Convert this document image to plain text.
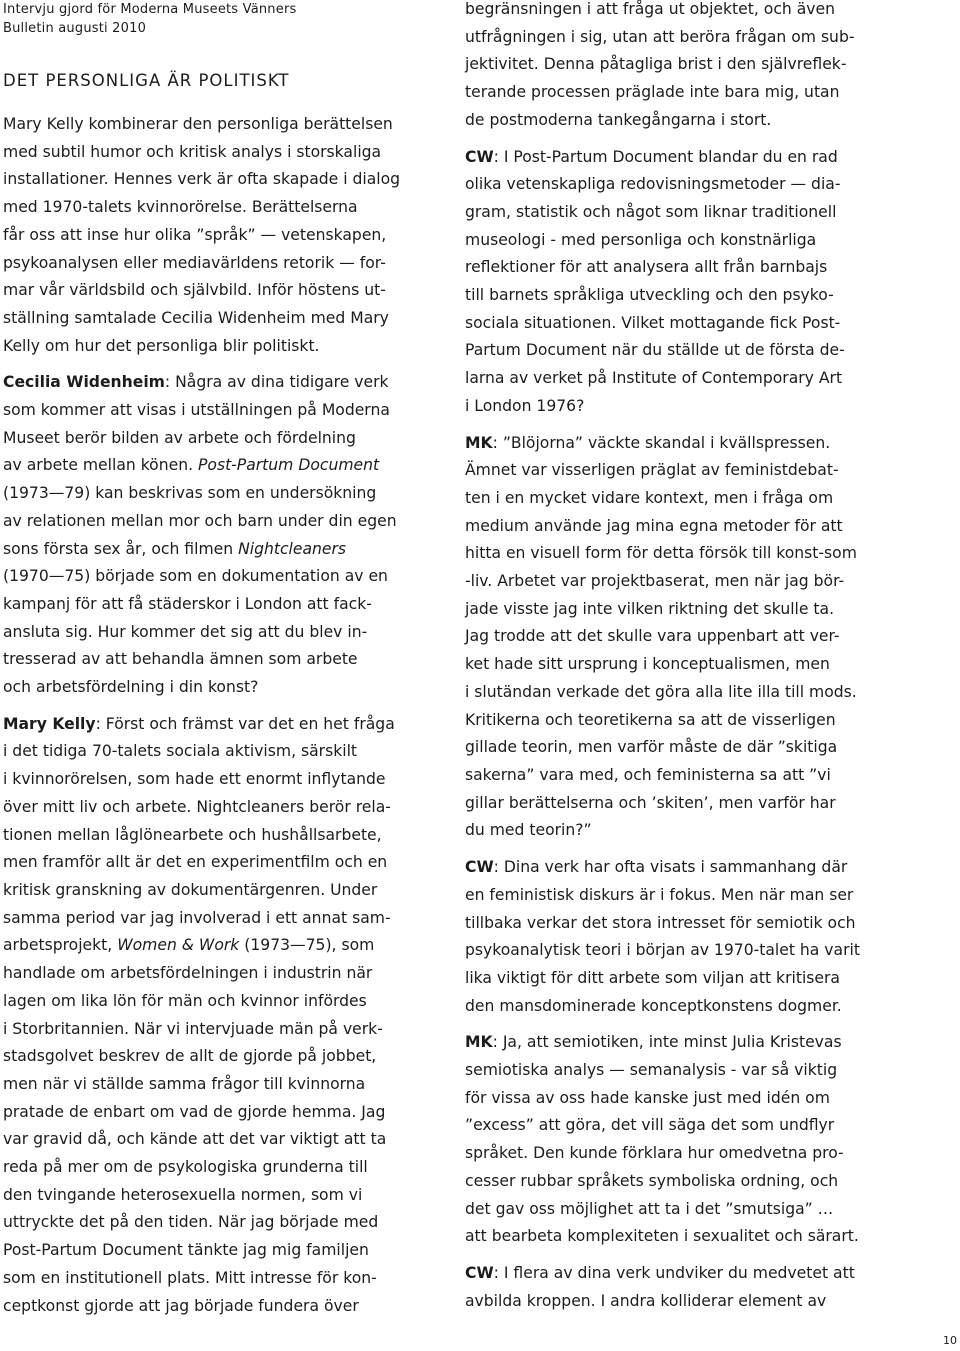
Intervju gjord för Moderna Museets Vänners
Bulletin augusti 2010
DET PERSONLIGA ÄR POLITISKT
Mary Kelly kombinerar den personliga berättelsen
med subtil humor och kritisk analys i storskaliga
installationer. Hennes verk är ofta skapade i dialog
med 1970-talets kvinnorörelse. Berättelserna
får oss att inse hur olika ”språk” — vetenskapen,
psykoanalysen eller mediavärldens retorik — for-
mar vår världsbild och självbild. Inför höstens ut-
ställning samtalade Cecilia Widenheim med Mary
Kelly om hur det personliga blir politiskt.
Cecilia Widenheim: Några av dina tidigare verk
som kommer att visas i utställningen på Moderna
Museet berör bilden av arbete och fördelning
av arbete mellan könen. Post-Partum Document
(1973—79) kan beskrivas som en undersökning
av relationen mellan mor och barn under din egen
sons första sex år, och filmen Nightcleaners
(1970—75) började som en dokumentation av en
kampanj för att få städerskor i London att fack-
ansluta sig. Hur kommer det sig att du blev in-
tresserad av att behandla ämnen som arbete
och arbetsfördelning i din konst?
Mary Kelly: Först och främst var det en het fråga
i det tidiga 70-talets sociala aktivism, särskilt
i kvinnorörelsen, som hade ett enormt inflytande
över mitt liv och arbete. Nightcleaners berör rela-
tionen mellan låglönearbete och hushållsarbete,
men framför allt är det en experimentfilm och en
kritisk granskning av dokumentärgenren. Under
samma period var jag involverad i ett annat sam-
arbetsprojekt, Women & Work (1973—75), som
handlade om arbetsfördelningen i industrin när
lagen om lika lön för män och kvinnor infördes
i Storbritannien. När vi intervjuade män på verk-
stadsgolvet beskrev de allt de gjorde på jobbet,
men när vi ställde samma frågor till kvinnorna
pratade de enbart om vad de gjorde hemma. Jag
var gravid då, och kände att det var viktigt att ta
reda på mer om de psykologiska grunderna till
den tvingande heterosexuella normen, som vi
uttryckte det på den tiden. När jag började med
Post-Partum Document tänkte jag mig familjen
som en institutionell plats. Mitt intresse för kon-
ceptkonst gjorde att jag började fundera över
begränsningen i att fråga ut objektet, och även
utfrågningen i sig, utan att beröra frågan om sub-
jektivitet. Denna påtagliga brist i den självreflek-
terande processen präglade inte bara mig, utan
de postmoderna tankegångarna i stort.
CW: I Post-Partum Document blandar du en rad
olika vetenskapliga redovisningsmetoder — dia-
gram, statistik och något som liknar traditionell
museologi - med personliga och konstnärliga
reflektioner för att analysera allt från barnbajs
till barnets språkliga utveckling och den psyko-
sociala situationen. Vilket mottagande fick Post-
Partum Document när du ställde ut de första de-
larna av verket på Institute of Contemporary Art
i London 1976?
MK: ”Blöjorna” väckte skandal i kvällspressen.
Ämnet var visserligen präglat av feministdebat-
ten i en mycket vidare kontext, men i fråga om
medium använde jag mina egna metoder för att
hitta en visuell form för detta försök till konst-som
-liv. Arbetet var projektbaserat, men när jag bör-
jade visste jag inte vilken riktning det skulle ta.
Jag trodde att det skulle vara uppenbart att ver-
ket hade sitt ursprung i konceptualismen, men
i slutändan verkade det göra alla lite illa till mods.
Kritikerna och teoretikerna sa att de visserligen
gillade teorin, men varför måste de där ”skitiga
sakerna” vara med, och feministerna sa att ”vi
gillar berättelserna och ’skiten’, men varför har
du med teorin?”
CW: Dina verk har ofta visats i sammanhang där
en feministisk diskurs är i fokus. Men när man ser
tillbaka verkar det stora intresset för semiotik och
psykoanalytisk teori i början av 1970-talet ha varit
lika viktigt för ditt arbete som viljan att kritisera
den mansdominerade konceptkonstens dogmer.
MK: Ja, att semiotiken, inte minst Julia Kristevas
semiotiska analys — semanalysis - var så viktig
för vissa av oss hade kanske just med idén om
”excess” att göra, det vill säga det som undflyr
språket. Den kunde förklara hur omedvetna pro-
cesser rubbar språkets symboliska ordning, och
det gav oss möjlighet att ta i det ”smutsiga” …
att bearbeta komplexiteten i sexualitet och särart.
CW: I flera av dina verk undviker du medvetet att
avbilda kroppen. I andra kolliderar element av
10
